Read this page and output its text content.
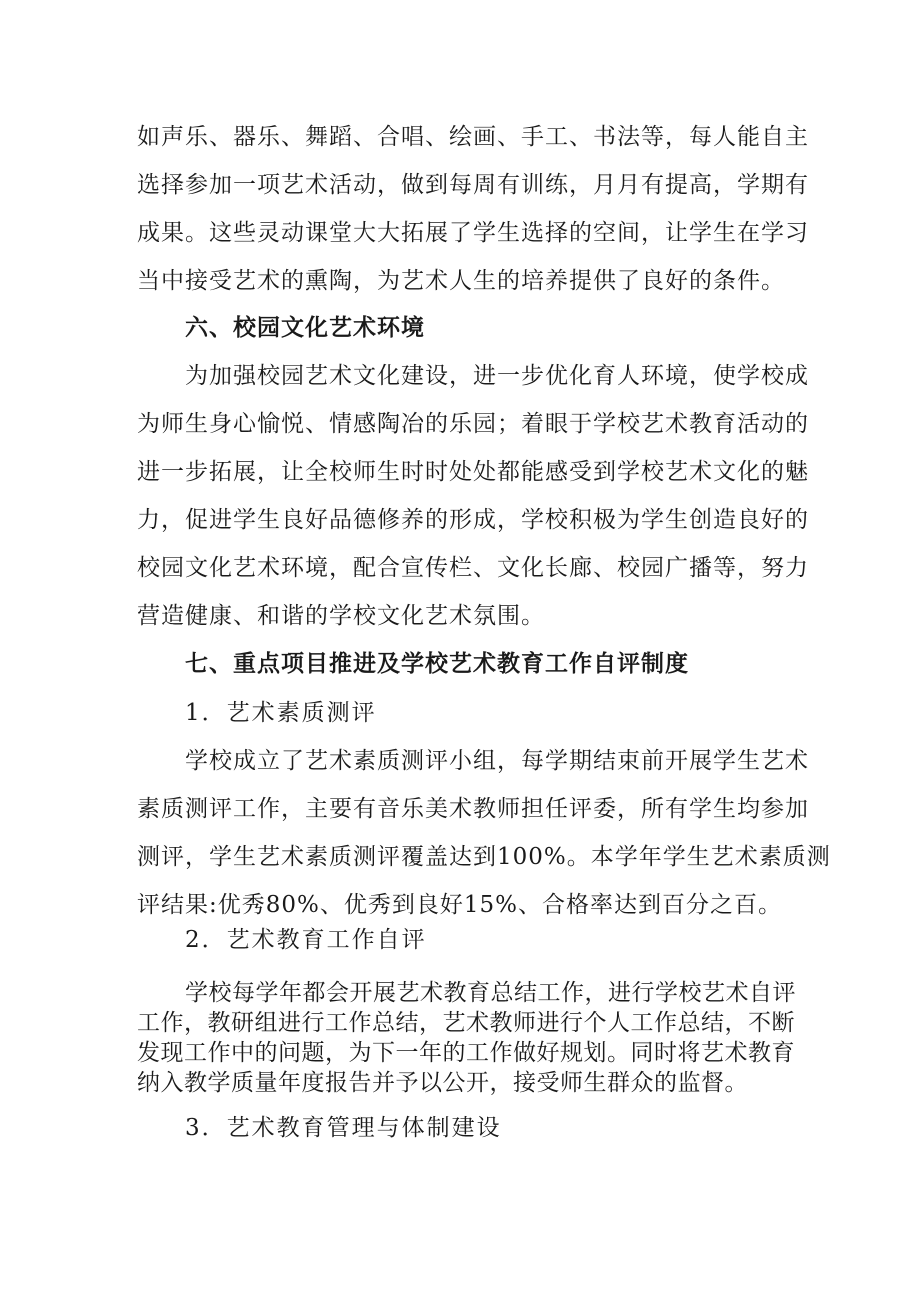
如声乐、器乐、舞蹈、合唱、绘画、手工、书法等，每人能自主
选择参加一项艺术活动，做到每周有训练，月月有提高，学期有
成果。这些灵动课堂大大拓展了学生选择的空间，让学生在学习
当中接受艺术的熏陶，为艺术人生的培养提供了良好的条件。
六、校园文化艺术环境
为加强校园艺术文化建设，进一步优化育人环境，使学校成
为师生身心愉悦、情感陶冶的乐园；着眼于学校艺术教育活动的
进一步拓展，让全校师生时时处处都能感受到学校艺术文化的魅
力，促进学生良好品德修养的形成，学校积极为学生创造良好的
校园文化艺术环境，配合宣传栏、文化长廊、校园广播等，努力
营造健康、和谐的学校文化艺术氛围。
七、重点项目推进及学校艺术教育工作自评制度
1．艺术素质测评
学校成立了艺术素质测评小组，每学期结束前开展学生艺术
素质测评工作，主要有音乐美术教师担任评委，所有学生均参加
测评，学生艺术素质测评覆盖达到100%。本学年学生艺术素质测
评结果:优秀80%、优秀到良好15%、合格率达到百分之百。
2．艺术教育工作自评
学校每学年都会开展艺术教育总结工作，进行学校艺术自评
工作，教研组进行工作总结，艺术教师进行个人工作总结，不断
发现工作中的问题，为下一年的工作做好规划。同时将艺术教育
纳入教学质量年度报告并予以公开，接受师生群众的监督。
3．艺术教育管理与体制建设
